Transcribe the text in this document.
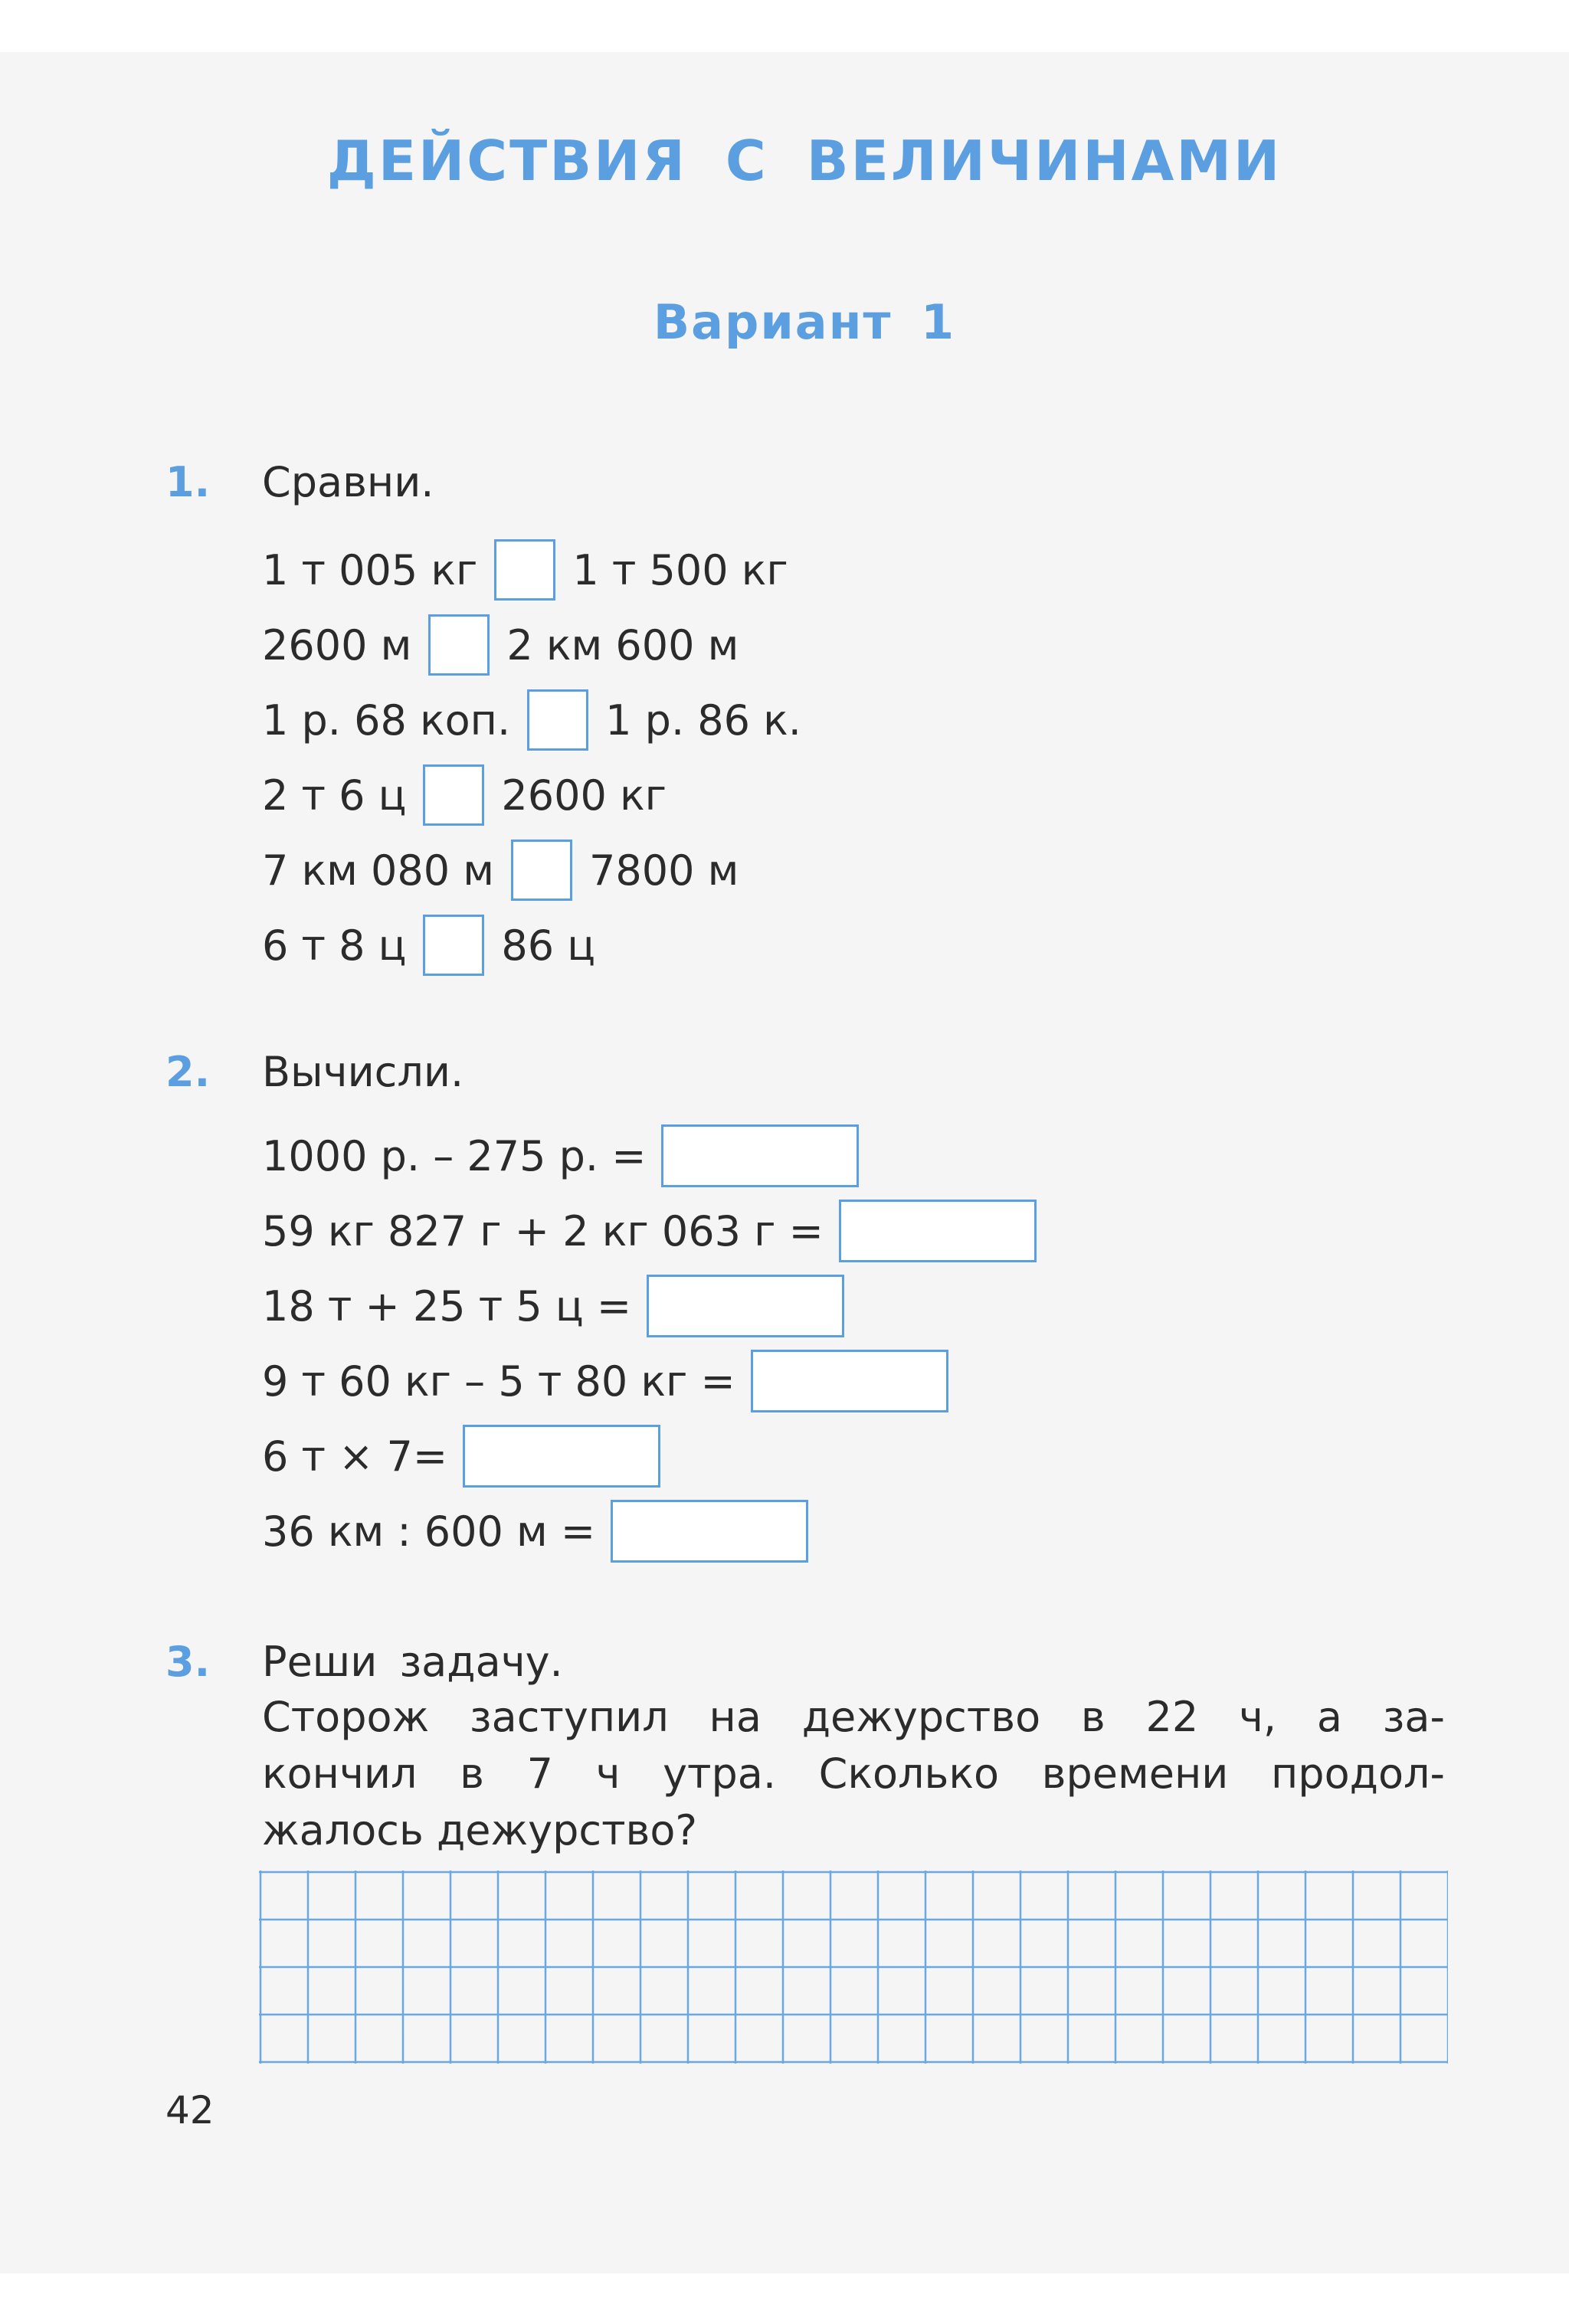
ДЕЙСТВИЯ С ВЕЛИЧИНАМИ
Вариант 1
1. Сравни.
1 т 005 кг 1 т 500 кг
2600 м 2 км 600 м
1 р. 68 коп. 1 р. 86 к.
2 т 6 ц 2600 кг
7 км 080 м 7800 м
6 т 8 ц 86 ц
2. Вычисли.
1000 р. – 275 р. =
59 кг 827 г + 2 кг 063 г =
18 т + 25 т 5 ц =
9 т 60 кг – 5 т 80 кг =
6 т × 7=
36 км : 600 м =
3. Реши задачу.
Сторож заступил на дежурство в 22 ч, а за-
кончил в 7 ч утра. Сколько времени продол-
жалось дежурство?
42
